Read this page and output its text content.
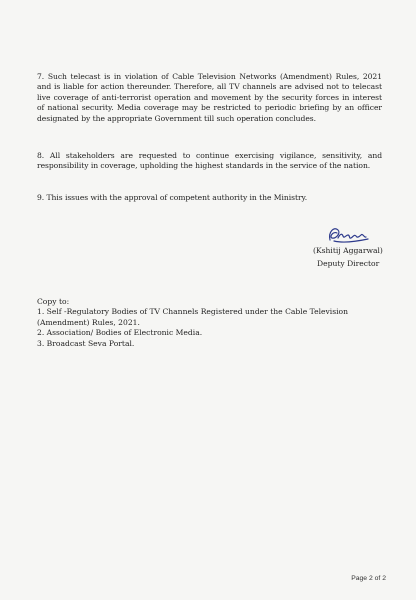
7. Such telecast is in violation of Cable Television Networks (Amendment) Rules, 2021 and is liable for action thereunder. Therefore, all TV channels are advised not to telecast live coverage of anti-terrorist operation and movement by the security forces in interest of national security. Media coverage may be restricted to periodic briefing by an officer designated by the appropriate Government till such operation concludes.

8. All stakeholders are requested to continue exercising vigilance, sensitivity, and responsibility in coverage, upholding the highest standards in the service of the nation.

9. This issues with the approval of competent authority in the Ministry.

(Kshitij Aggarwal)
Deputy Director
Copy to:
1. Self -Regulatory Bodies of TV Channels Registered under the Cable Television (Amendment) Rules, 2021.
2. Association/ Bodies of Electronic Media.
3. Broadcast Seva Portal.
Page 2 of 2
